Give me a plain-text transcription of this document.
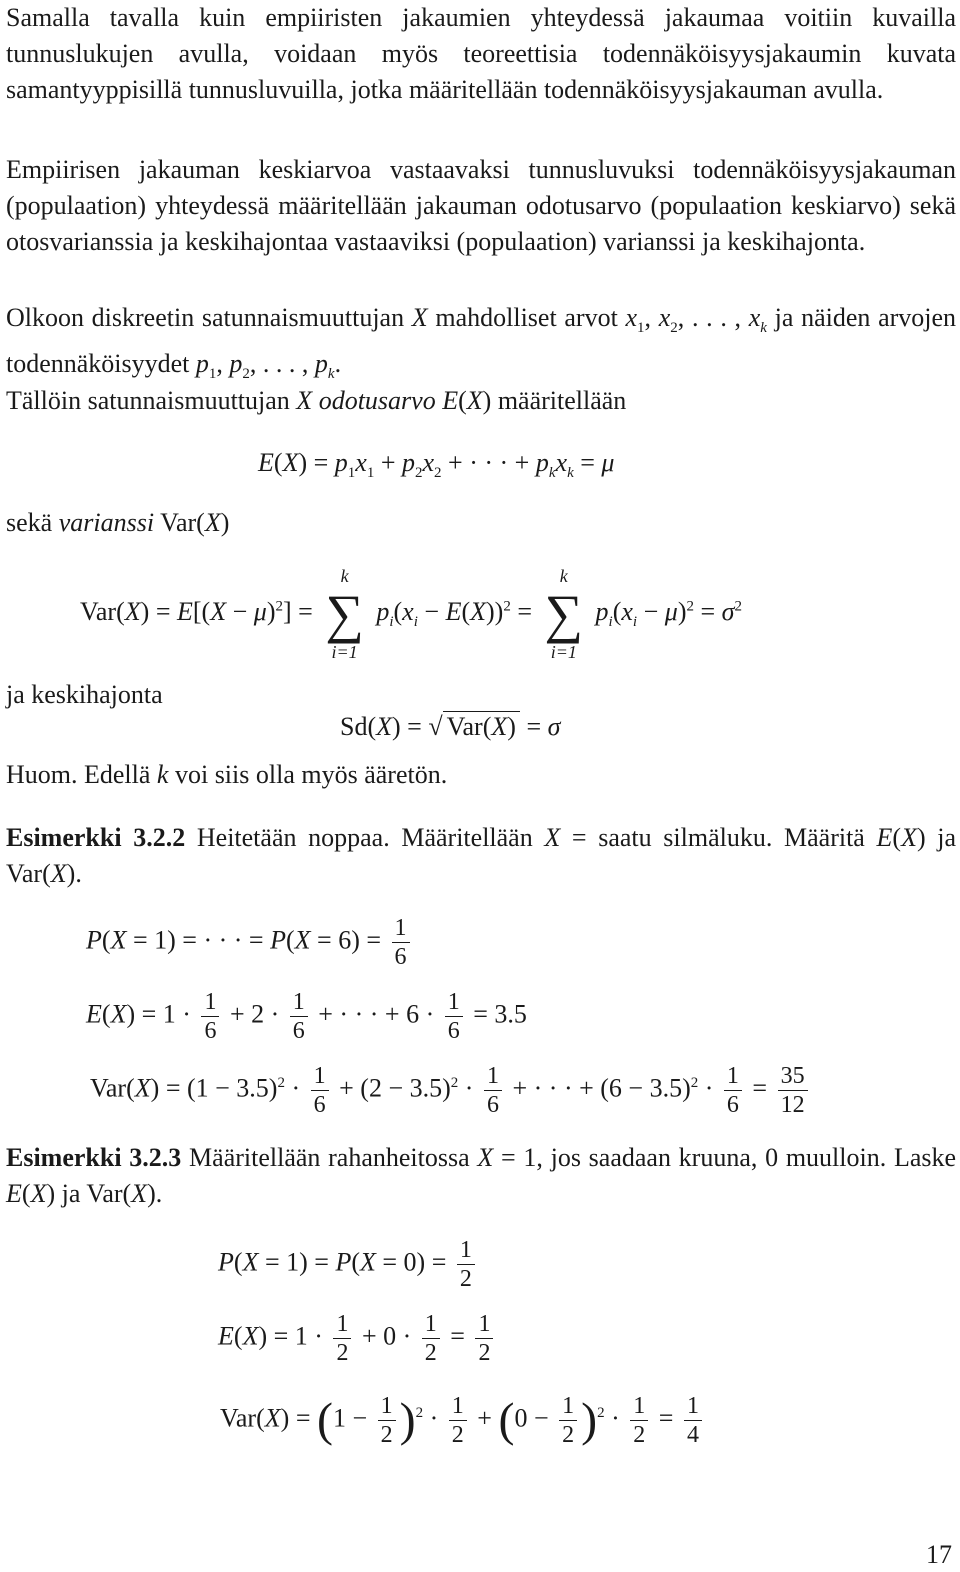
Samalla tavalla kuin empiiristen jakaumien yhteydessä jakaumaa voitiin kuvailla tunnuslukujen avulla, voidaan myös teoreettisia todennäköisyysjakaumin kuvata samantyyppisillä tunnusluvuilla, jotka määritellään todennäköisyysjakauman avulla.
Empiirisen jakauman keskiarvoa vastaavaksi tunnusluvuksi todennäköisyysjakauman (populaation) yhteydessä määritellään jakauman odotusarvo (populaation keskiarvo) sekä otosvarianssia ja keskihajontaa vastaaviksi (populaation) varianssi ja keskihajonta.
Olkoon diskreetin satunnaismuuttujan X mahdolliset arvot $x_1$, $x_2$, . . . , $x_k$ ja näiden arvojen todennäköisyydet $p_1$, $p_2$, . . . , $p_k$.
Tällöin satunnaismuuttujan X odotusarvo E(X) määritellään
$E(X) = p_1x_1 + p_2x_2$ + · · · + $p_kx_k = \mu$
sekä varianssi Var(X)
$Var(X) = E[(X - \mu)^2]$ =
k
∑
i=1
$p_i(x_i - E(X))^2$ =
k
∑
i=1
$p_i(x_i - \mu)^2 = \sigma^2$
ja keskihajonta
Sd(X) = √ Var(X) = σ
Huom. Edellä k voi siis olla myös ääretön.
Esimerkki 3.2.2 Heitetään noppaa. Määritellään X = saatu silmäluku. Määritä E(X) ja Var(X).
P(X = 1) = · · · = $P(X = 6) = \frac{1}{6}$
$E(X) = 1 \cdot \frac{1}{6} + 2 \cdot \frac{1}{6}$ + · · · + $6 \cdot \frac{1}{6} = 3.5$
$Var(X) = (1 - 3.5)^2 \cdot \frac{1}{6} + (2 - 3.5)^2 \cdot \frac{1}{6}$ + · · · + $(6 - 3.5)^2 \cdot \frac{1}{6} = \frac{35}{12}$
Esimerkki 3.2.3 Määritellään rahanheitossa X = 1, jos saadaan kruuna, 0 muulloin. Laske E(X) ja Var(X).
$P(X = 1) = P(X = 0) = \frac{1}{2}$
$E(X) = 1 \cdot \frac{1}{2} + 0 \cdot \frac{1}{2} = \frac{1}{2}$
$Var(X) = (1 - \frac{1}{2} )^2 \cdot \frac{1}{2} + (0 - \frac{1}{2} )^2 \cdot \frac{1}{2} = \frac{1}{4}$
17
